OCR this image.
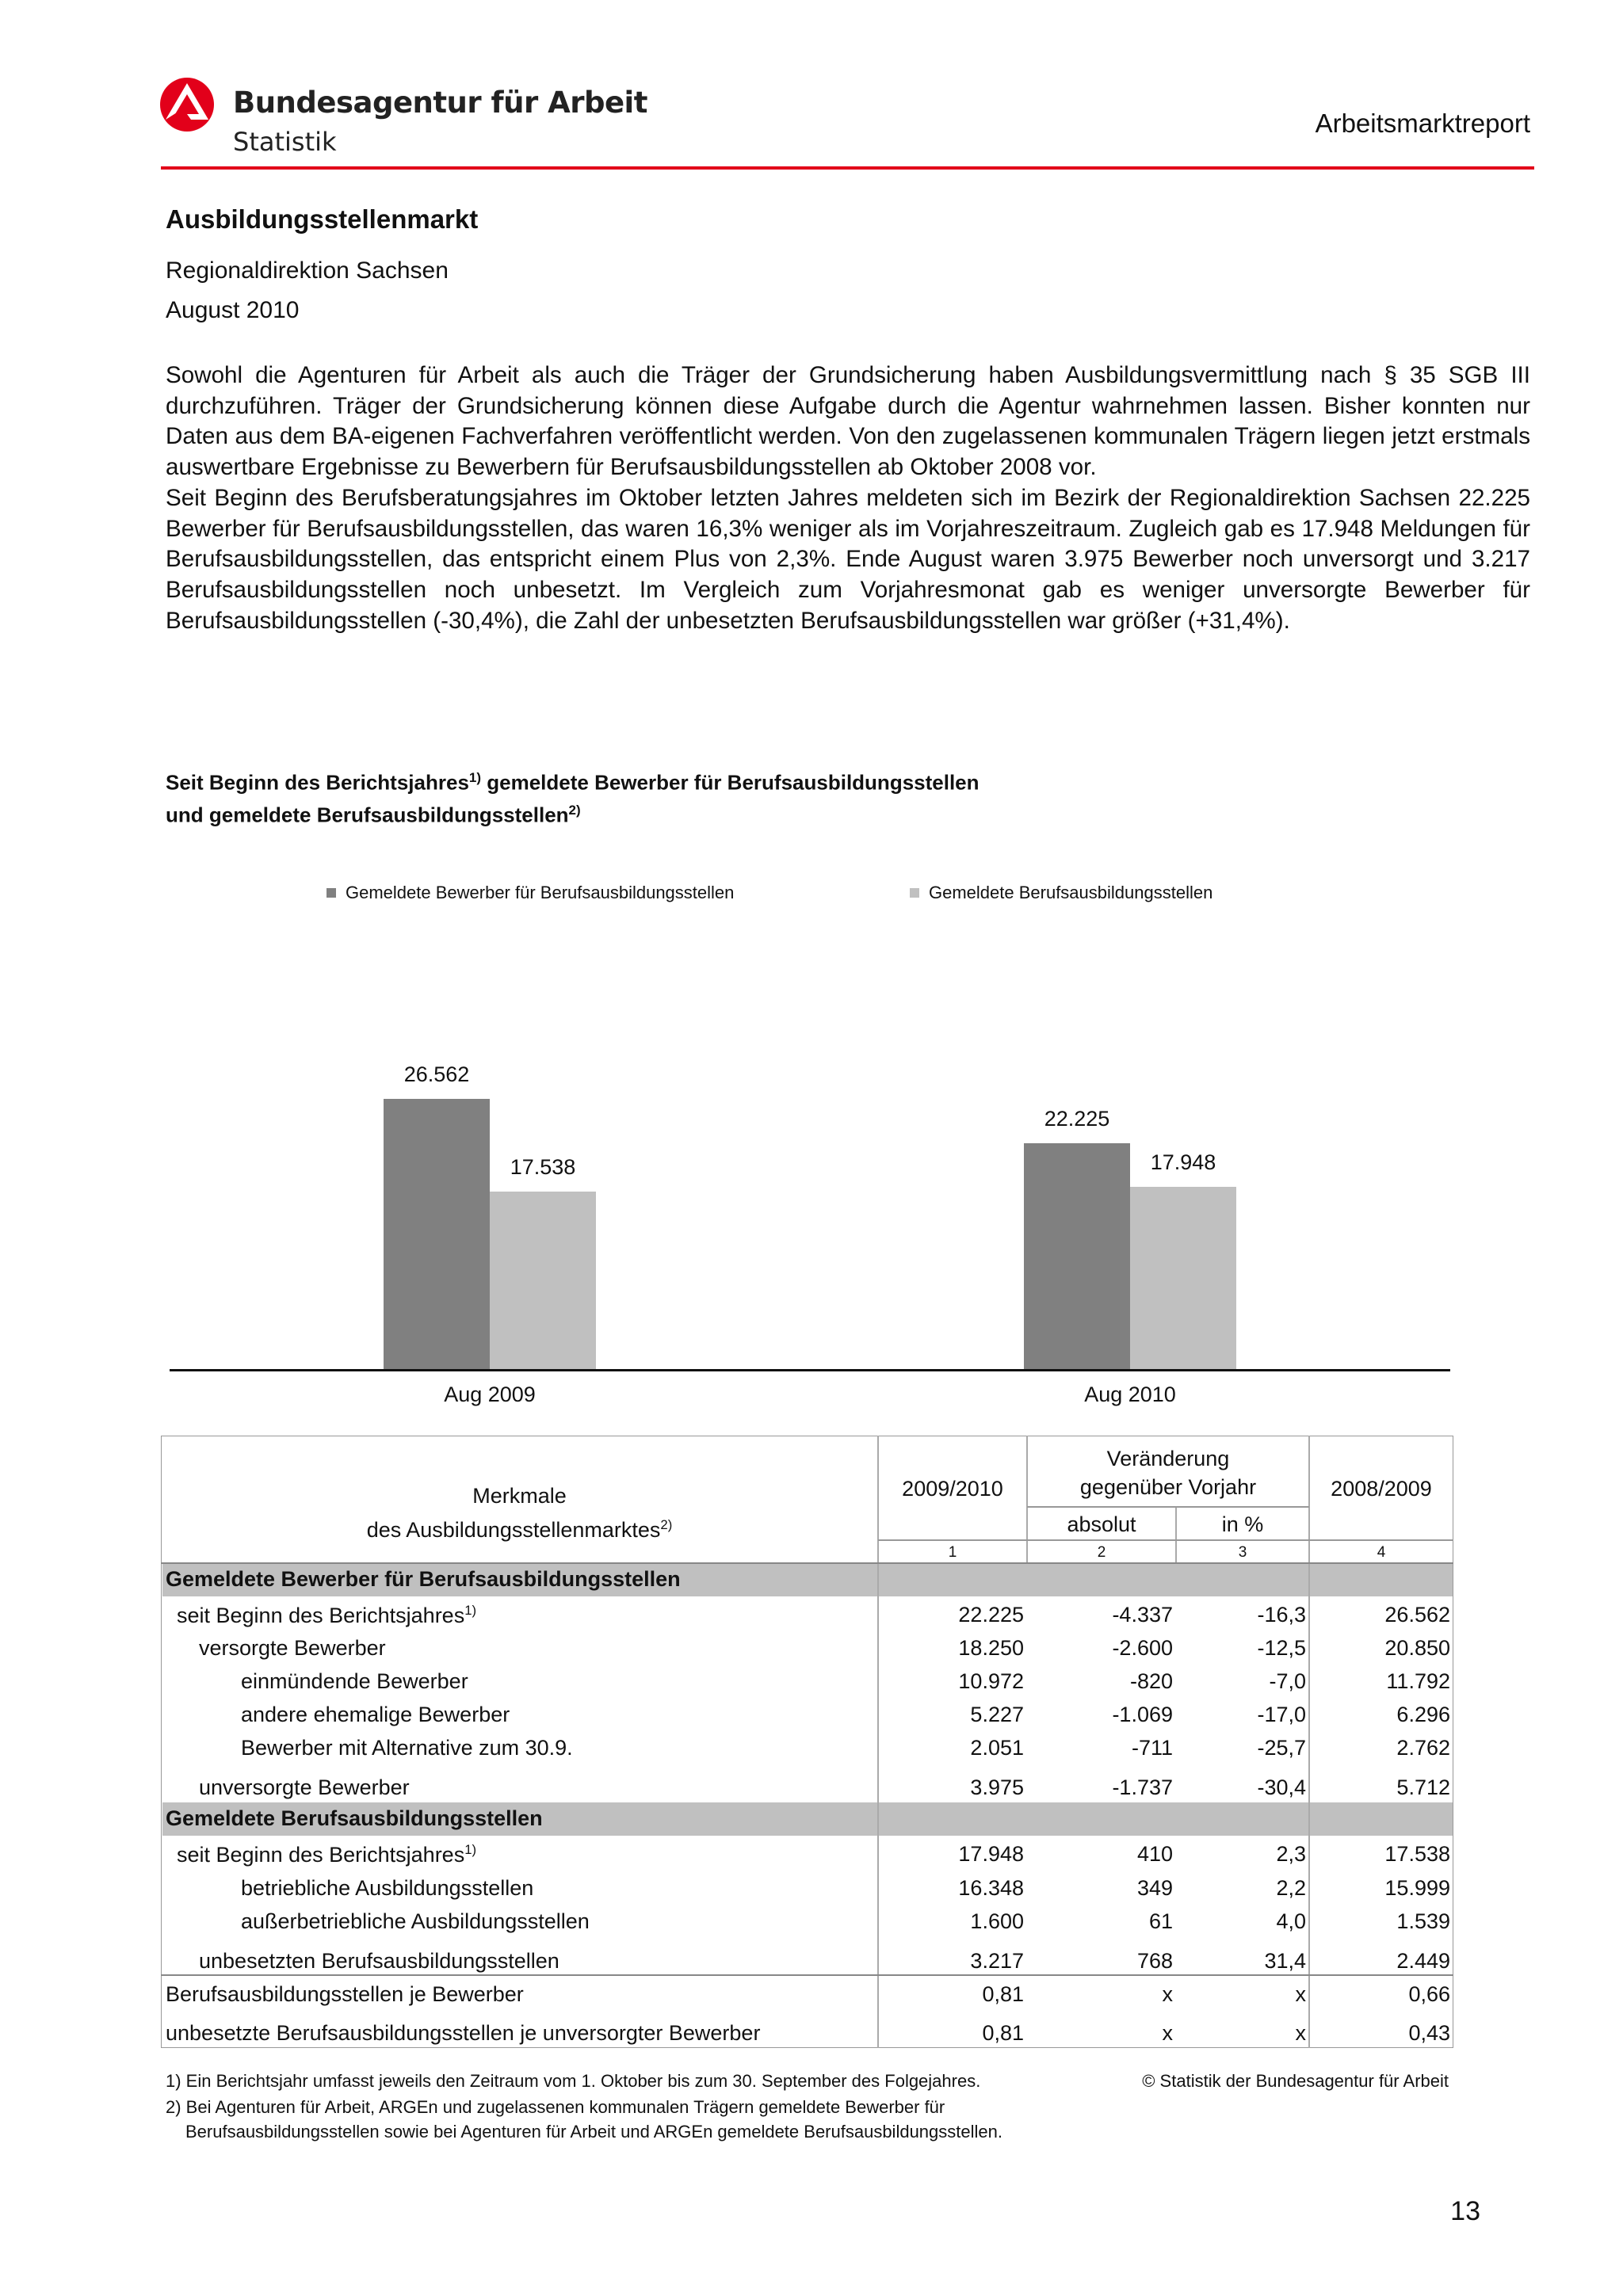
Bundesagentur für Arbeit
Statistik
Arbeitsmarktreport
Ausbildungsstellenmarkt
Regionaldirektion Sachsen
August 2010

Sowohl die Agenturen für Arbeit als auch die Träger der Grundsicherung haben Ausbildungsvermittlung nach § 35 SGB III durchzuführen. Träger der Grundsicherung können diese Aufgabe durch die Agentur wahrnehmen lassen. Bisher konnten nur Daten aus dem BA-eigenen Fachverfahren veröffentlicht werden. Von den zugelassenen kommunalen Trägern liegen jetzt erstmals auswertbare Ergebnisse zu Bewerbern für Berufsausbildungsstellen ab Oktober 2008 vor.

Seit Beginn des Berufsberatungsjahres im Oktober letzten Jahres meldeten sich im Bezirk der Regionaldirektion Sachsen 22.225 Bewerber für Berufsausbildungsstellen, das waren 16,3% weniger als im Vorjahreszeitraum. Zugleich gab es 17.948 Meldungen für Berufsausbildungsstellen, das entspricht einem Plus von 2,3%. Ende August waren 3.975 Bewerber noch unversorgt und 3.217 Berufsausbildungsstellen noch unbesetzt. Im Vergleich zum Vorjahresmonat gab es weniger unversorgte Bewerber für Berufsausbildungsstellen (-30,4%), die Zahl der unbesetzten Berufsausbildungsstellen war größer (+31,4%).

Seit Beginn des Berichtsjahres$^{1)}$ gemeldete Bewerber für Berufsausbildungsstellen
und gemeldete Berufsausbildungsstellen$^{2)}$
Gemeldete Bewerber für Berufsausbildungsstellen	Gemeldete Berufsausbildungsstellen
26.562
17.538
Aug 2009
22.225
17.948
Aug 2010
Merkmale
des Ausbildungsstellenmarktes$^{2)}$
2009/2010
Veränderung
gegenüber Vorjahr
absolut	in %
2008/2009
1	2	3	4
Gemeldete Bewerber für Berufsausbildungsstellen
Gemeldete Berufsausbildungsstellen
seit Beginn des Berichtsjahres$^{1)}$	22.225	-4.337	-16,3	26.562
versorgte Bewerber	18.250	-2.600	-12,5	20.850
einmündende Bewerber	10.972	-820	-7,0	11.792
andere ehemalige Bewerber	5.227	-1.069	-17,0	6.296
Bewerber mit Alternative zum 30.9.	2.051	-711	-25,7	2.762
unversorgte Bewerber	3.975	-1.737	-30,4	5.712
seit Beginn des Berichtsjahres$^{1)}$	17.948	410	2,3	17.538
betriebliche Ausbildungsstellen	16.348	349	2,2	15.999
außerbetriebliche Ausbildungsstellen	1.600	61	4,0	1.539
unbesetzten Berufsausbildungsstellen	3.217	768	31,4	2.449
Berufsausbildungsstellen je Bewerber	0,81	x	x	0,66
unbesetzte Berufsausbildungsstellen je unversorgter Bewerber	0,81	x	x	0,43
1) Ein Berichtsjahr umfasst jeweils den Zeitraum vom 1. Oktober bis zum 30. September des Folgejahres.	© Statistik der Bundesagentur für Arbeit
2) Bei Agenturen für Arbeit, ARGEn und zugelassenen kommunalen Trägern gemeldete Bewerber für
Berufsausbildungsstellen sowie bei Agenturen für Arbeit und ARGEn gemeldete Berufsausbildungsstellen.
13
